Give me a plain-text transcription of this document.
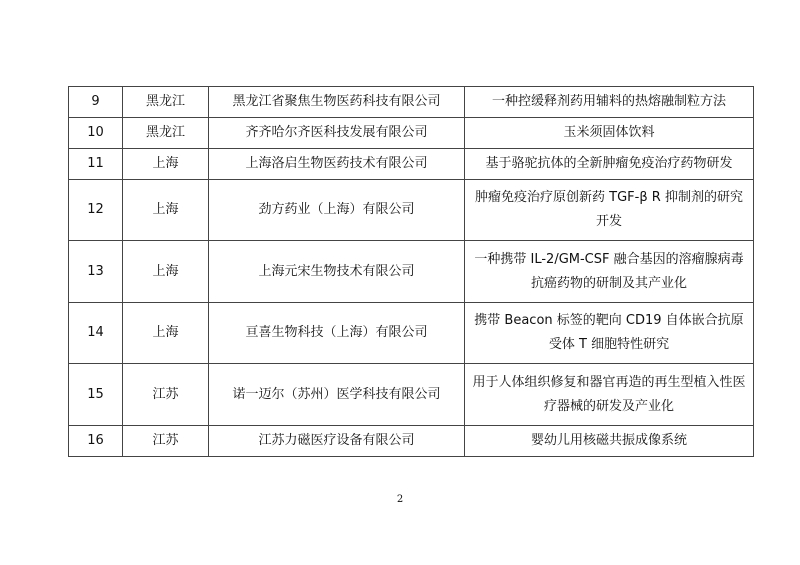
9	黑龙江	黑龙江省聚焦生物医药科技有限公司	一种控缓释剂药用辅料的热熔融制粒方法
10	黑龙江	齐齐哈尔齐医科技发展有限公司	玉米须固体饮料
11	上海	上海洛启生物医药技术有限公司	基于骆驼抗体的全新肿瘤免疫治疗药物研发
12	上海	劲方药业（上海）有限公司	肿瘤免疫治疗原创新药 TGF-β R 抑制剂的研究开发
13	上海	上海元宋生物技术有限公司	一种携带 IL-2/GM-CSF 融合基因的溶瘤腺病毒抗癌药物的研制及其产业化
14	上海	亘喜生物科技（上海）有限公司	携带 Beacon 标签的靶向 CD19 自体嵌合抗原受体 T 细胞特性研究
15	江苏	诺一迈尔（苏州）医学科技有限公司	用于人体组织修复和器官再造的再生型植入性医疗器械的研发及产业化
16	江苏	江苏力磁医疗设备有限公司	婴幼儿用核磁共振成像系统
2
